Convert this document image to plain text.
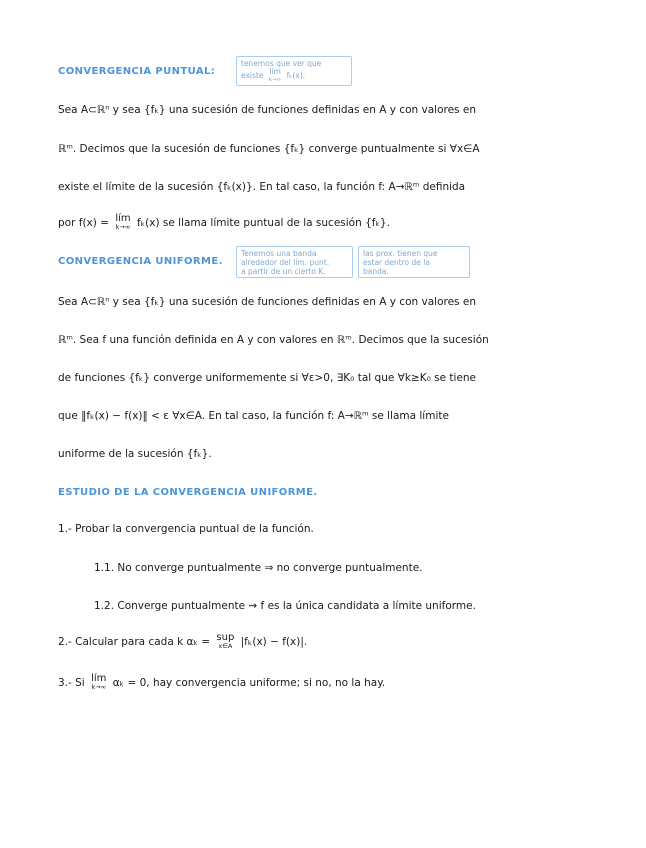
CONVERGENCIA PUNTUAL:
tenemos que ver que
existe lím
k→∞ fₖ(x).
Sea A⊂ℝⁿ y sea {fₖ} una sucesión de funciones definidas en A y con valores en
ℝᵐ. Decimos que la sucesión de funciones {fₖ} converge puntualmente si ∀x∈A
existe el límite de la sucesión {fₖ(x)}. En tal caso, la función f: A→ℝᵐ definida
por f(x) = lím
k→∞ fₖ(x) se llama límite puntual de la sucesión {fₖ}.
CONVERGENCIA UNIFORME.
Tenemos una banda
alrededor del lím. punt.
a partir de un cierto K.
las prox. tienen que
estar dentro de la
banda.
Sea A⊂ℝⁿ y sea {fₖ} una sucesión de funciones definidas en A y con valores en
ℝᵐ. Sea f una función definida en A y con valores en ℝᵐ. Decimos que la sucesión
de funciones {fₖ} converge uniformemente si ∀ε>0, ∃K₀ tal que ∀k≥K₀ se tiene
que ‖fₖ(x) − f(x)‖ < ε ∀x∈A. En tal caso, la función f: A→ℝᵐ se llama límite
uniforme de la sucesión {fₖ}.
ESTUDIO DE LA CONVERGENCIA UNIFORME.
1.- Probar la convergencia puntual de la función.
1.1. No converge puntualmente ⇒ no converge puntualmente.
1.2. Converge puntualmente ⇝ f es la única candidata a límite uniforme.
2.- Calcular para cada k αₖ = sup
x∈A |fₖ(x) − f(x)|.
3.- Si lím
k→∞ αₖ = 0, hay convergencia uniforme; si no, no la hay.
